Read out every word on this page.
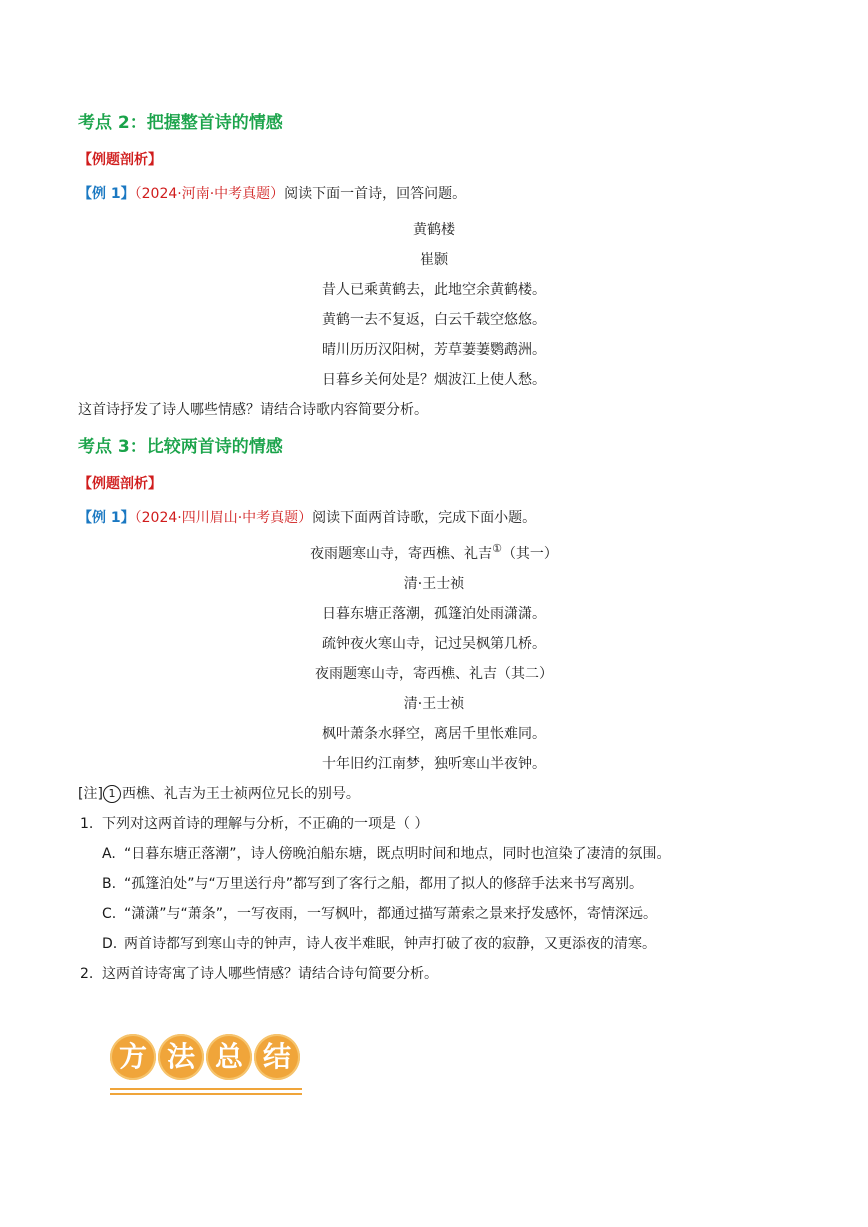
考点 2：把握整首诗的情感
【例题剖析】
【例 1】（2024·河南·中考真题）阅读下面一首诗，回答问题。
黄鹤楼
崔颢
昔人已乘黄鹤去，此地空余黄鹤楼。
黄鹤一去不复返，白云千载空悠悠。
晴川历历汉阳树，芳草萋萋鹦鹉洲。
日暮乡关何处是？烟波江上使人愁。
这首诗抒发了诗人哪些情感？请结合诗歌内容简要分析。
考点 3：比较两首诗的情感
【例题剖析】
【例 1】（2024·四川眉山·中考真题）阅读下面两首诗歌，完成下面小题。
夜雨题寒山寺，寄西樵、礼吉①（其一）
清·王士祯
日暮东塘正落潮，孤篷泊处雨潇潇。
疏钟夜火寒山寺，记过吴枫第几桥。
夜雨题寒山寺，寄西樵、礼吉（其二）
清·王士祯
枫叶萧条水驿空，离居千里怅难同。
十年旧约江南梦，独听寒山半夜钟。
[注] 1 西樵、礼吉为王士祯两位兄长的别号。
1. 下列对这两首诗的理解与分析，不正确的一项是（ ）
A. “日暮东塘正落潮”，诗人傍晚泊船东塘，既点明时间和地点，同时也渲染了凄清的氛围。
B. “孤篷泊处”与“万里送行舟”都写到了客行之船，都用了拟人的修辞手法来书写离别。
C. “潇潇”与“萧条”，一写夜雨，一写枫叶，都通过描写萧索之景来抒发感怀，寄情深远。
D. 两首诗都写到寒山寺的钟声，诗人夜半难眠，钟声打破了夜的寂静，又更添夜的清寒。
2. 这两首诗寄寓了诗人哪些情感？请结合诗句简要分析。
方 法 总 结
